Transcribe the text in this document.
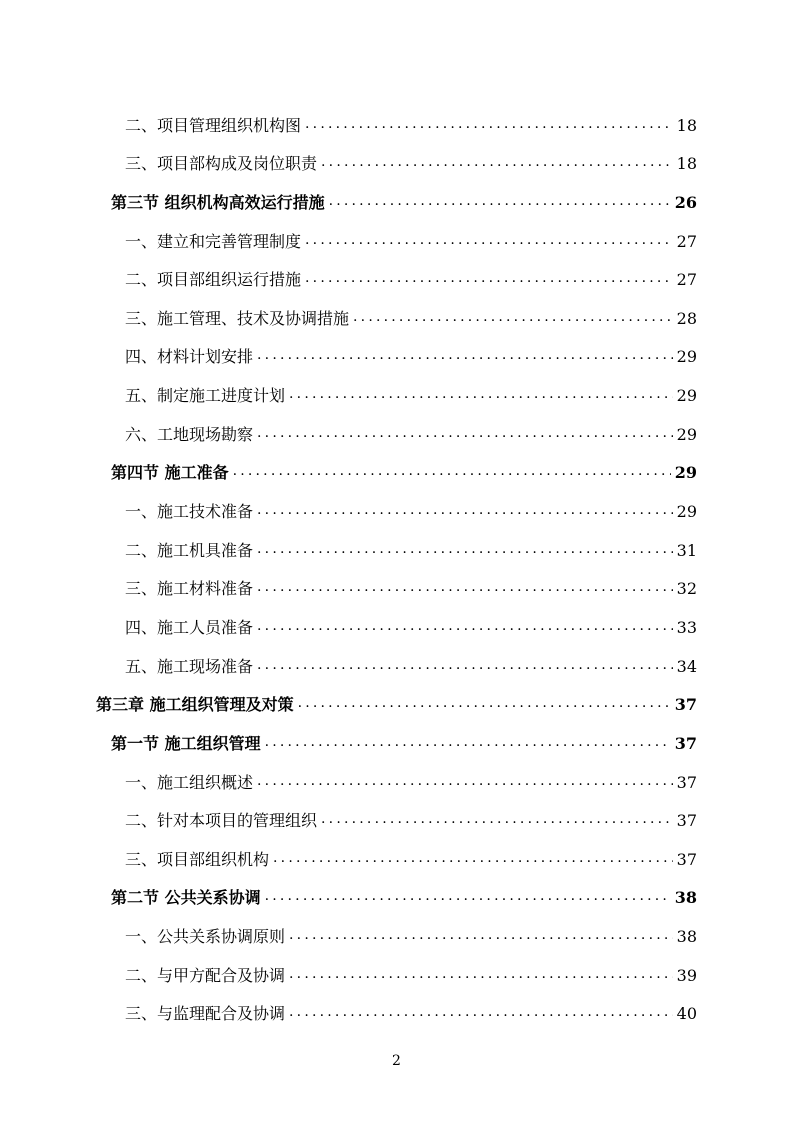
二、项目管理组织机构图 .....	18
三、项目部构成及岗位职责 .....	18
第三节 组织机构高效运行措施 .....	26
一、建立和完善管理制度 .....	27
二、项目部组织运行措施 .....	27
三、施工管理、技术及协调措施 .....	28
四、材料计划安排 .....	29
五、制定施工进度计划 .....	29
六、工地现场勘察 .....	29
第四节 施工准备 .....	29
一、施工技术准备 .....	29
二、施工机具准备 .....	31
三、施工材料准备 .....	32
四、施工人员准备 .....	33
五、施工现场准备 .....	34
第三章 施工组织管理及对策 .....	37
第一节 施工组织管理 .....	37
一、施工组织概述 .....	37
二、针对本项目的管理组织 .....	37
三、项目部组织机构 .....	37
第二节 公共关系协调 .....	38
一、公共关系协调原则 .....	38
二、与甲方配合及协调 .....	39
三、与监理配合及协调 .....	40
2
